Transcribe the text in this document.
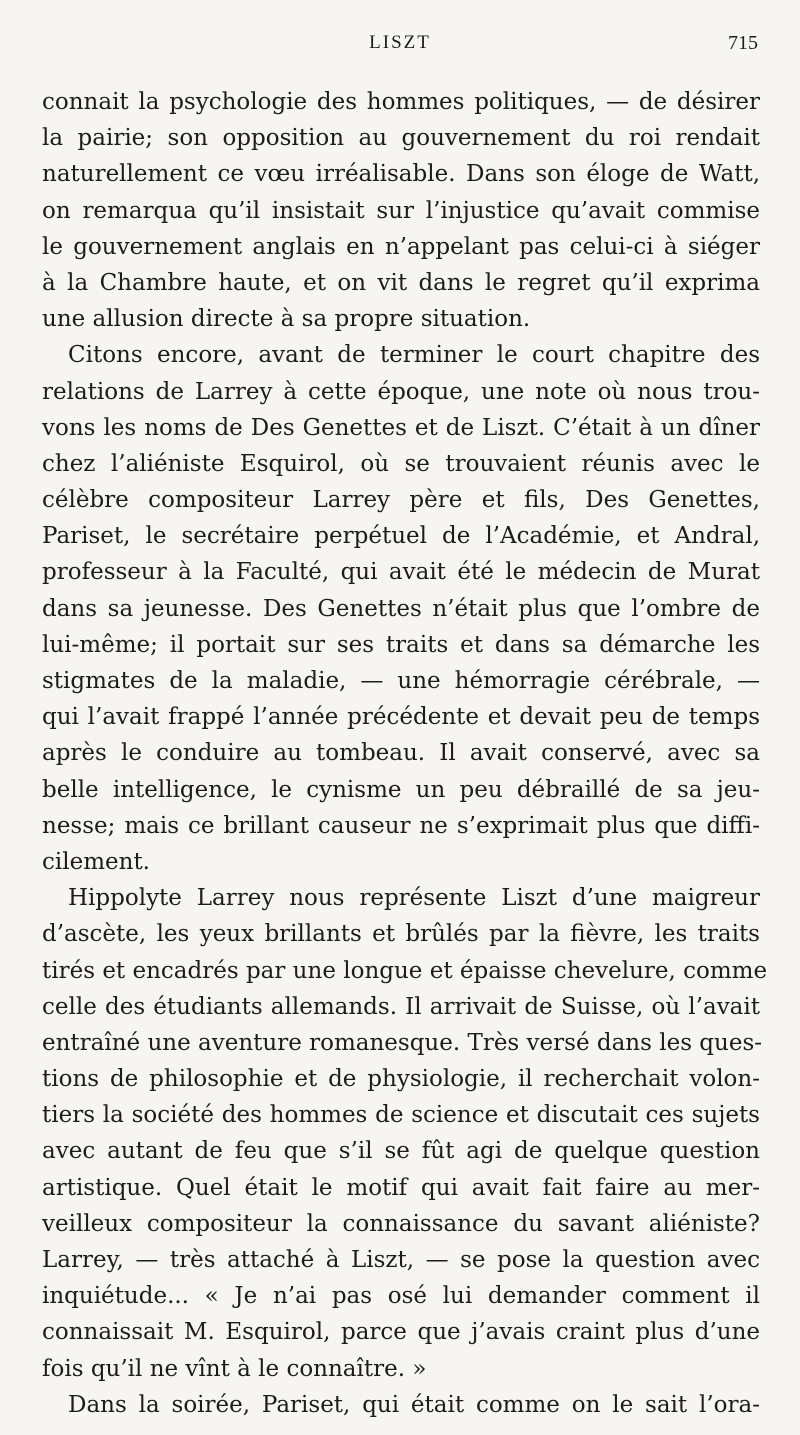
LISZT	715
connait la psychologie des hommes politiques, — de désirer
la pairie; son opposition au gouvernement du roi rendait
naturellement ce vœu irréalisable. Dans son éloge de Watt,
on remarqua qu’il insistait sur l’injustice qu’avait commise
le gouvernement anglais en n’appelant pas celui-ci à siéger
à la Chambre haute, et on vit dans le regret qu’il exprima
une allusion directe à sa propre situation.
Citons encore, avant de terminer le court chapitre des
relations de Larrey à cette époque, une note où nous trou-
vons les noms de Des Genettes et de Liszt. C’était à un dîner
chez l’aliéniste Esquirol, où se trouvaient réunis avec le
célèbre compositeur Larrey père et fils, Des Genettes,
Pariset, le secrétaire perpétuel de l’Académie, et Andral,
professeur à la Faculté, qui avait été le médecin de Murat
dans sa jeunesse. Des Genettes n’était plus que l’ombre de
lui-même; il portait sur ses traits et dans sa démarche les
stigmates de la maladie, — une hémorragie cérébrale, —
qui l’avait frappé l’année précédente et devait peu de temps
après le conduire au tombeau. Il avait conservé, avec sa
belle intelligence, le cynisme un peu débraillé de sa jeu-
nesse; mais ce brillant causeur ne s’exprimait plus que diffi-
cilement.
Hippolyte Larrey nous représente Liszt d’une maigreur
d’ascète, les yeux brillants et brûlés par la fièvre, les traits
tirés et encadrés par une longue et épaisse chevelure, comme
celle des étudiants allemands. Il arrivait de Suisse, où l’avait
entraîné une aventure romanesque. Très versé dans les ques-
tions de philosophie et de physiologie, il recherchait volon-
tiers la société des hommes de science et discutait ces sujets
avec autant de feu que s’il se fût agi de quelque question
artistique. Quel était le motif qui avait fait faire au mer-
veilleux compositeur la connaissance du savant aliéniste?
Larrey, — très attaché à Liszt, — se pose la question avec
inquiétude... « Je n’ai pas osé lui demander comment il
connaissait M. Esquirol, parce que j’avais craint plus d’une
fois qu’il ne vînt à le connaître. »
Dans la soirée, Pariset, qui était comme on le sait l’ora-
